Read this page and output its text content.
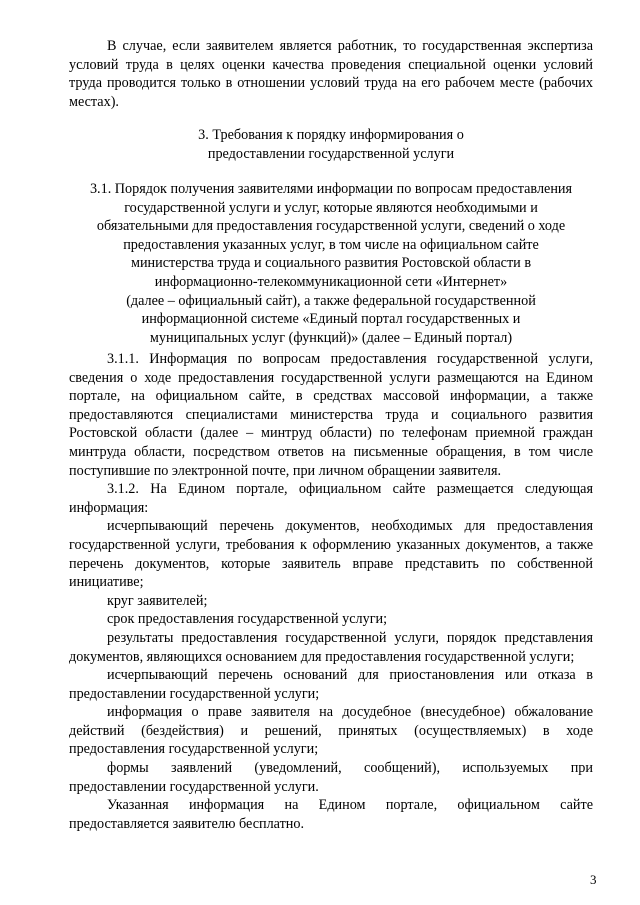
В случае, если заявителем является работник, то государственная экспертиза условий труда в целях оценки качества проведения специальной оценки условий труда проводится только в отношении условий труда на его рабочем месте (рабочих местах).

3. Требования к порядку информирования о

предоставлении государственной услуги

3.1. Порядок получения заявителями информации по вопросам предоставления

государственной услуги и услуг, которые являются необходимыми и

обязательными для предоставления государственной услуги, сведений о ходе

предоставления указанных услуг, в том числе на официальном сайте

министерства труда и социального развития Ростовской области в

информационно-телекоммуникационной сети «Интернет»

(далее – официальный сайт), а также федеральной государственной

информационной системе «Единый портал государственных и

муниципальных услуг (функций)» (далее – Единый портал)

3.1.1. Информация по вопросам предоставления государственной услуги, сведения о ходе предоставления государственной услуги размещаются на Едином портале, на официальном сайте, в средствах массовой информации, а также предоставляются специалистами министерства труда и социального развития Ростовской области (далее – минтруд области) по телефонам приемной граждан минтруда области, посредством ответов на письменные обращения, в том числе поступившие по электронной почте, при личном обращении заявителя.

3.1.2. На Едином портале, официальном сайте размещается следующая информация:

исчерпывающий перечень документов, необходимых для предоставления государственной услуги, требования к оформлению указанных документов, а также перечень документов, которые заявитель вправе представить по собственной инициативе;

круг заявителей;

срок предоставления государственной услуги;

результаты предоставления государственной услуги, порядок представления документов, являющихся основанием для предоставления государственной услуги;

исчерпывающий перечень оснований для приостановления или отказа в предоставлении государственной услуги;

информация о праве заявителя на досудебное (внесудебное) обжалование действий (бездействия) и решений, принятых (осуществляемых) в ходе предоставления государственной услуги;

формы заявлений (уведомлений, сообщений), используемых при предоставлении государственной услуги.

Указанная информация на Едином портале, официальном сайте предоставляется заявителю бесплатно.

3
